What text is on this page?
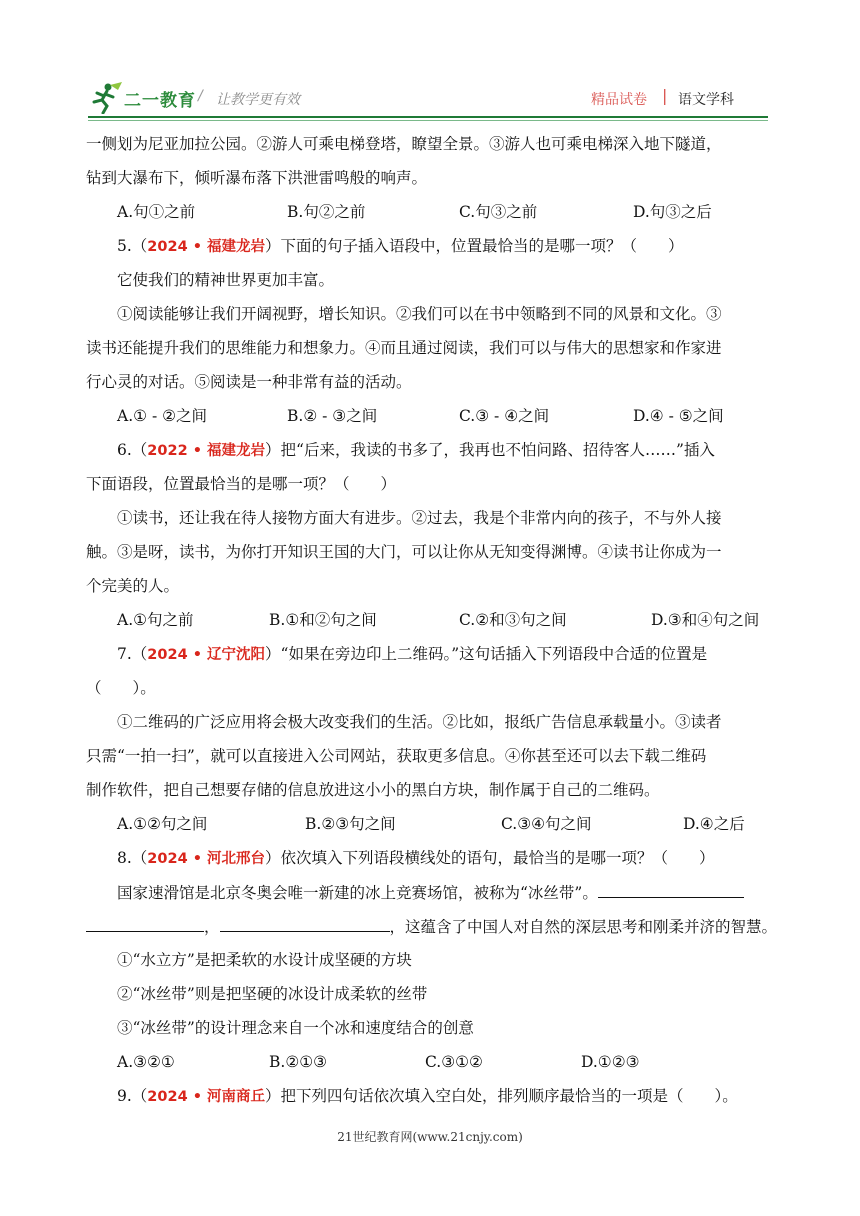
二一教育 / 让教学更有效	精品试卷 | 语文学科
一侧划为尼亚加拉公园。②游人可乘电梯登塔，瞭望全景。③游人也可乘电梯深入地下隧道，
钻到大瀑布下，倾听瀑布落下洪泄雷鸣般的响声。
A.句①之前	B.句②之前	C.句③之前	D.句③之后
5.（2024 • 福建龙岩）下面的句子插入语段中，位置最恰当的是哪一项？（　　）
它使我们的精神世界更加丰富。
①阅读能够让我们开阔视野，增长知识。②我们可以在书中领略到不同的风景和文化。③
读书还能提升我们的思维能力和想象力。④而且通过阅读，我们可以与伟大的思想家和作家进
行心灵的对话。⑤阅读是一种非常有益的活动。
A.① - ②之间	B.② - ③之间	C.③ - ④之间	D.④ - ⑤之间
6.（2022 • 福建龙岩）把“后来，我读的书多了，我再也不怕问路、招待客人……”插入
下面语段，位置最恰当的是哪一项？（　　）
①读书，还让我在待人接物方面大有进步。②过去，我是个非常内向的孩子，不与外人接
触。③是呀，读书，为你打开知识王国的大门，可以让你从无知变得渊博。④读书让你成为一
个完美的人。
A.①句之前	B.①和②句之间	C.②和③句之间	D.③和④句之间
7.（2024 • 辽宁沈阳）“如果在旁边印上二维码。”这句话插入下列语段中合适的位置是
（　　）。
①二维码的广泛应用将会极大改变我们的生活。②比如，报纸广告信息承载量小。③读者
只需“一拍一扫”，就可以直接进入公司网站，获取更多信息。④你甚至还可以去下载二维码
制作软件，把自己想要存储的信息放进这小小的黑白方块，制作属于自己的二维码。
A.①②句之间	B.②③句之间	C.③④句之间	D.④之后
8.（2024 • 河北邢台）依次填入下列语段横线处的语句，最恰当的是哪一项？（　　）
国家速滑馆是北京冬奥会唯一新建的冰上竞赛场馆，被称为“冰丝带”。
，	，这蕴含了中国人对自然的深层思考和刚柔并济的智慧。
①“水立方”是把柔软的水设计成坚硬的方块
②“冰丝带”则是把坚硬的冰设计成柔软的丝带
③“冰丝带”的设计理念来自一个冰和速度结合的创意
A.③②①	B.②①③	C.③①②	D.①②③
9.（2024 • 河南商丘）把下列四句话依次填入空白处，排列顺序最恰当的一项是（　　）。
21世纪教育网(www.21cnjy.com)
